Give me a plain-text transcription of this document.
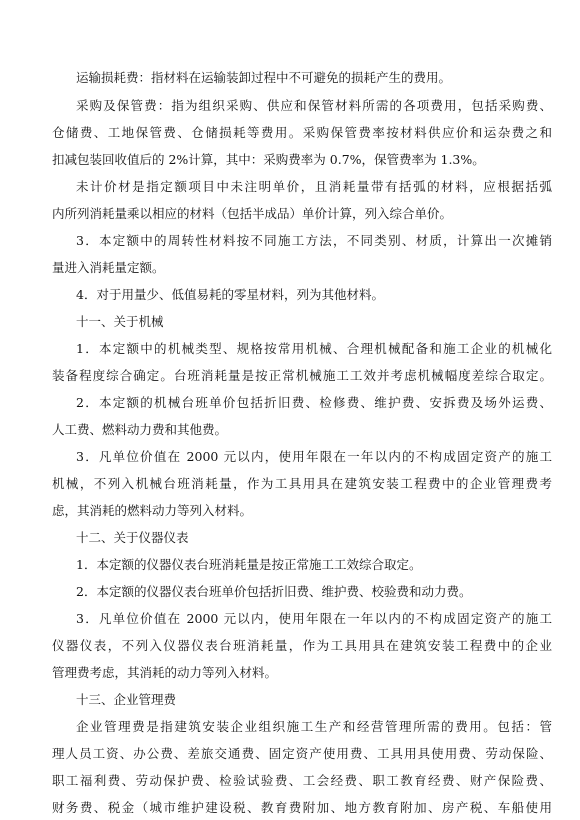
运输损耗费：指材料在运输装卸过程中不可避免的损耗产生的费用。
采购及保管费：指为组织采购、供应和保管材料所需的各项费用，包括采购费、
仓储费、工地保管费、仓储损耗等费用。采购保管费率按材料供应价和运杂费之和
扣减包装回收值后的 2%计算，其中：采购费率为 0.7%，保管费率为 1.3%。
未计价材是指定额项目中未注明单价，且消耗量带有括弧的材料，应根据括弧
内所列消耗量乘以相应的材料（包括半成品）单价计算，列入综合单价。
3．本定额中的周转性材料按不同施工方法，不同类别、材质，计算出一次摊销
量进入消耗量定额。
4．对于用量少、低值易耗的零星材料，列为其他材料。
十一、关于机械
1．本定额中的机械类型、规格按常用机械、合理机械配备和施工企业的机械化
装备程度综合确定。台班消耗量是按正常机械施工工效并考虑机械幅度差综合取定。
2．本定额的机械台班单价包括折旧费、检修费、维护费、安拆费及场外运费、
人工费、燃料动力费和其他费。
3．凡单位价值在 2000 元以内，使用年限在一年以内的不构成固定资产的施工
机械，不列入机械台班消耗量，作为工具用具在建筑安装工程费中的企业管理费考
虑，其消耗的燃料动力等列入材料。
十二、关于仪器仪表
1．本定额的仪器仪表台班消耗量是按正常施工工效综合取定。
2．本定额的仪器仪表台班单价包括折旧费、维护费、校验费和动力费。
3．凡单位价值在 2000 元以内，使用年限在一年以内的不构成固定资产的施工
仪器仪表，不列入仪器仪表台班消耗量，作为工具用具在建筑安装工程费中的企业
管理费考虑，其消耗的动力等列入材料。
十三、企业管理费
企业管理费是指建筑安装企业组织施工生产和经营管理所需的费用。包括：管
理人员工资、办公费、差旅交通费、固定资产使用费、工具用具使用费、劳动保险、
职工福利费、劳动保护费、检验试验费、工会经费、职工教育经费、财产保险费、
财务费、税金（城市维护建设税、教育费附加、地方教育附加、房产税、车船使用
